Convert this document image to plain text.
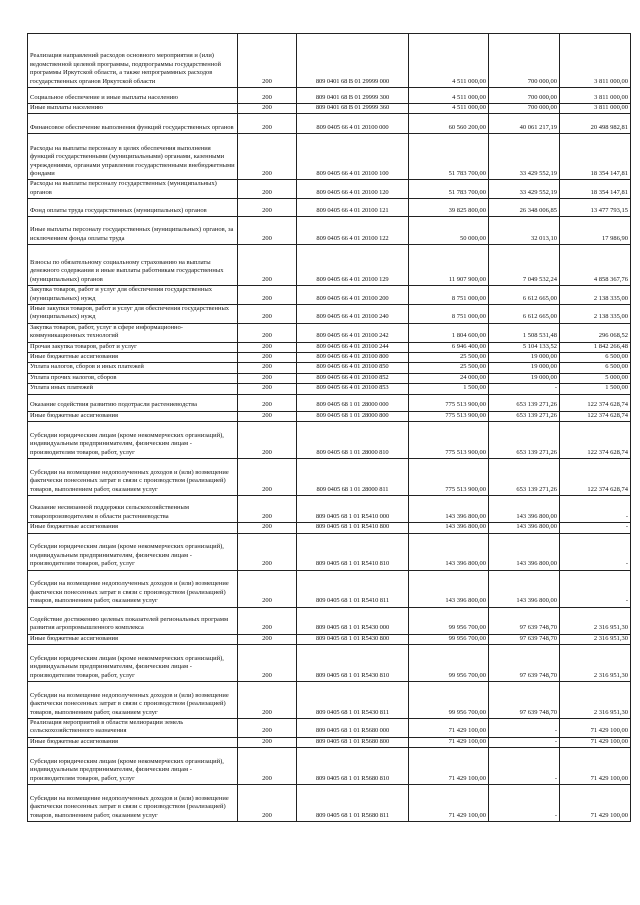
Реализация направлений расходов основного мероприятия и (или) ведомственной целевой программы, подпрограммы государственной программы Иркутской области, а также непрограммных расходов государственных органов Иркутской области	200	809 0401 68 В 01 29999 000	4 511 000,00	700 000,00	3 811 000,00
Социальное обеспечение и иные выплаты населению	200	809 0401 68 В 01 29999 300	4 511 000,00	700 000,00	3 811 000,00
Иные выплаты населению	200	809 0401 68 В 01 29999 360	4 511 000,00	700 000,00	3 811 000,00
Финансовое обеспечение выполнения функций государственных органов	200	809 0405 66 4 01 20100 000	60 560 200,00	40 061 217,19	20 498 982,81
Расходы на выплаты персоналу в целях обеспечения выполнения функций государственными (муниципальными) органами, казенными учреждениями, органами управления государственными внебюджетными фондами	200	809 0405 66 4 01 20100 100	51 783 700,00	33 429 552,19	18 354 147,81
Расходы на выплаты персоналу государственных (муниципальных) органов	200	809 0405 66 4 01 20100 120	51 783 700,00	33 429 552,19	18 354 147,81
Фонд оплаты труда государственных (муниципальных) органов	200	809 0405 66 4 01 20100 121	39 825 800,00	26 348 006,85	13 477 793,15
Иные выплаты персоналу государственных (муниципальных) органов, за исключением фонда оплаты труда	200	809 0405 66 4 01 20100 122	50 000,00	32 013,10	17 986,90
Взносы по обязательному социальному страхованию на выплаты денежного содержания и иные выплаты работникам государственных (муниципальных) органов	200	809 0405 66 4 01 20100 129	11 907 900,00	7 049 532,24	4 858 367,76
Закупка товаров, работ и услуг для обеспечения государственных (муниципальных) нужд	200	809 0405 66 4 01 20100 200	8 751 000,00	6 612 665,00	2 138 335,00
Иные закупки товаров, работ и услуг для обеспечения государственных (муниципальных) нужд	200	809 0405 66 4 01 20100 240	8 751 000,00	6 612 665,00	2 138 335,00
Закупка товаров, работ, услуг в сфере информационно-коммуникационных технологий	200	809 0405 66 4 01 20100 242	1 804 600,00	1 508 531,48	296 068,52
Прочая закупка товаров, работ и услуг	200	809 0405 66 4 01 20100 244	6 946 400,00	5 104 133,52	1 842 266,48
Иные бюджетные ассигнования	200	809 0405 66 4 01 20100 800	25 500,00	19 000,00	6 500,00
Уплата налогов, сборов и иных платежей	200	809 0405 66 4 01 20100 850	25 500,00	19 000,00	6 500,00
Уплата прочих налогов, сборов	200	809 0405 66 4 01 20100 852	24 000,00	19 000,00	5 000,00
Уплата иных платежей	200	809 0405 66 4 01 20100 853	1 500,00	-	1 500,00
Оказание содействия развитию подотрасли растениеводства	200	809 0405 68 1 01 28000 000	775 513 900,00	653 139 271,26	122 374 628,74
Иные бюджетные ассигнования	200	809 0405 68 1 01 28000 800	775 513 900,00	653 139 271,26	122 374 628,74
Субсидии юридическим лицам (кроме некоммерческих организаций), индивидуальным предпринимателям, физическим лицам - производителям товаров, работ, услуг	200	809 0405 68 1 01 28000 810	775 513 900,00	653 139 271,26	122 374 628,74
Субсидии на возмещение недополученных доходов и (или) возмещение фактически понесенных затрат в связи с производством (реализацией) товаров, выполнением работ, оказанием услуг	200	809 0405 68 1 01 28000 811	775 513 900,00	653 139 271,26	122 374 628,74
Оказание несвязанной поддержки сельскохозяйственным товаропроизводителям в области растениеводства	200	809 0405 68 1 01 R5410 000	143 396 800,00	143 396 800,00	-
Иные бюджетные ассигнования	200	809 0405 68 1 01 R5410 800	143 396 800,00	143 396 800,00	-
Субсидии юридическим лицам (кроме некоммерческих организаций), индивидуальным предпринимателям, физическим лицам - производителям товаров, работ, услуг	200	809 0405 68 1 01 R5410 810	143 396 800,00	143 396 800,00	-
Субсидии на возмещение недополученных доходов и (или) возмещение фактически понесенных затрат в связи с производством (реализацией) товаров, выполнением работ, оказанием услуг	200	809 0405 68 1 01 R5410 811	143 396 800,00	143 396 800,00	-
Содействие достижению целевых показателей региональных программ развития агропромышленного комплекса	200	809 0405 68 1 01 R5430 000	99 956 700,00	97 639 748,70	2 316 951,30
Иные бюджетные ассигнования	200	809 0405 68 1 01 R5430 800	99 956 700,00	97 639 748,70	2 316 951,30
Субсидии юридическим лицам (кроме некоммерческих организаций), индивидуальным предпринимателям, физическим лицам - производителям товаров, работ, услуг	200	809 0405 68 1 01 R5430 810	99 956 700,00	97 639 748,70	2 316 951,30
Субсидии на возмещение недополученных доходов и (или) возмещение фактически понесенных затрат в связи с производством (реализацией) товаров, выполнением работ, оказанием услуг	200	809 0405 68 1 01 R5430 811	99 956 700,00	97 639 748,70	2 316 951,30
Реализация мероприятий в области мелиорации земель сельскохозяйственного назначения	200	809 0405 68 1 01 R5680 000	71 429 100,00	-	71 429 100,00
Иные бюджетные ассигнования	200	809 0405 68 1 01 R5680 800	71 429 100,00	-	71 429 100,00
Субсидии юридическим лицам (кроме некоммерческих организаций), индивидуальным предпринимателям, физическим лицам - производителям товаров, работ, услуг	200	809 0405 68 1 01 R5680 810	71 429 100,00	-	71 429 100,00
Субсидии на возмещение недополученных доходов и (или) возмещение фактически понесенных затрат в связи с производством (реализацией) товаров, выполнением работ, оказанием услуг	200	809 0405 68 1 01 R5680 811	71 429 100,00	-	71 429 100,00
